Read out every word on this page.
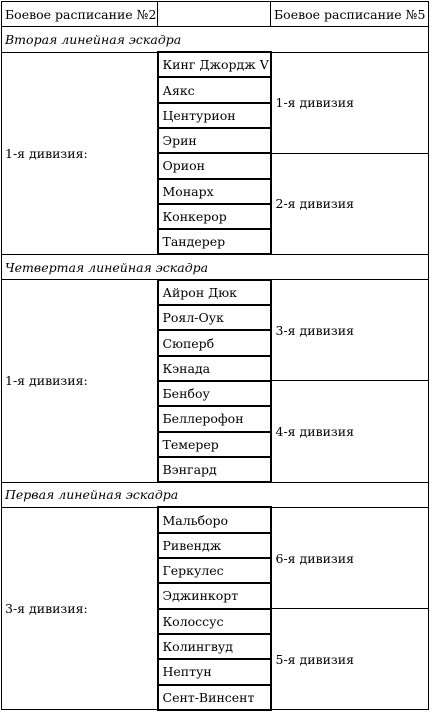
Боевое расписание №2		Боевое расписание №5
Вторая линейная эскадра		
1-я дивизия:	Кинг Джордж V	1-я дивизия
	Аякс	
	Центурион	
	Эрин	
	Орион	2-я дивизия
	Монарх	
	Конкерор	
	Тандерер	
Четвертая линейная эскадра		
1-я дивизия:	Айрон Дюк	3-я дивизия
	Роял-Оук	
	Сюперб	
	Кэнада	
	Бенбоу	4-я дивизия
	Беллерофон	
	Темерер	
	Вэнгард	
Первая линейная эскадра		
3-я дивизия:	Мальборо	6-я дивизия
	Ривендж	
	Геркулес	
	Эджинкорт	
	Колоссус	5-я дивизия
	Колингвуд	
	Нептун	
	Сент-Винсент	
